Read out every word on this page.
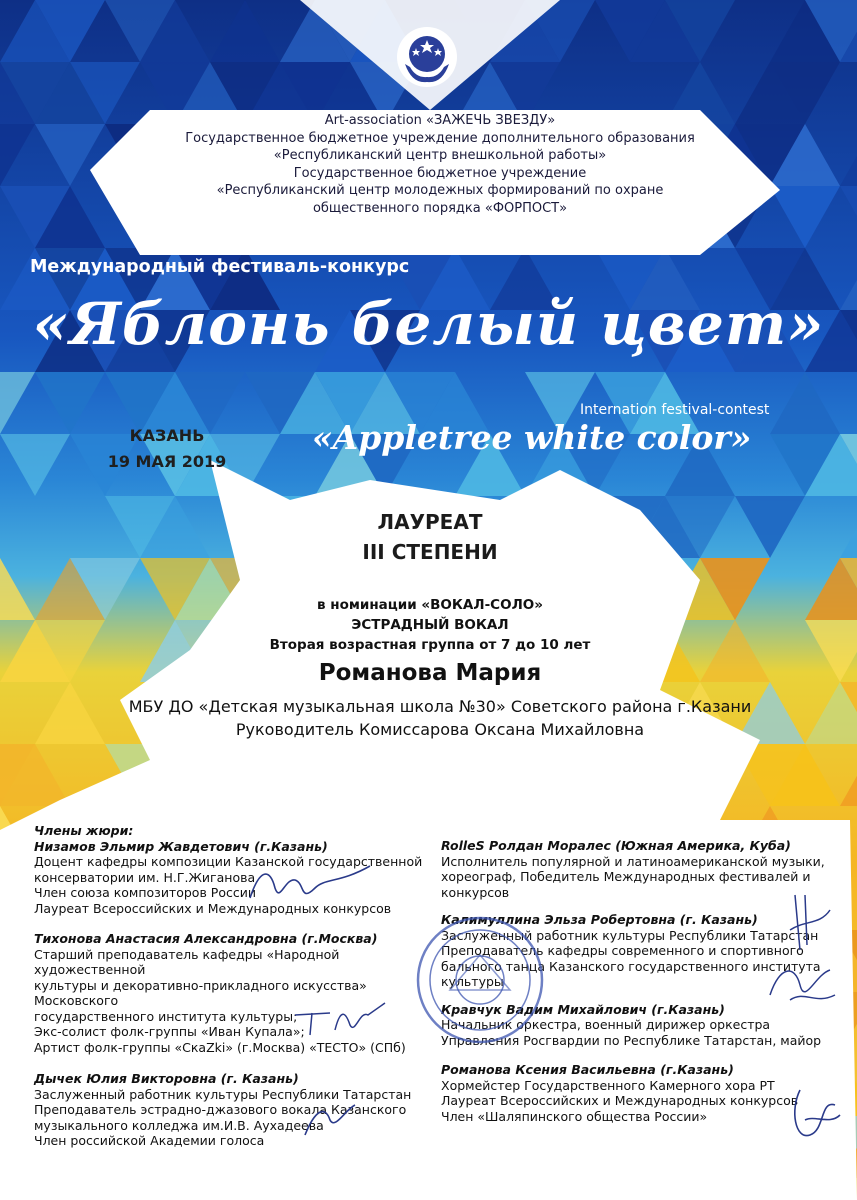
Art-association «ЗАЖЕЧЬ ЗВЕЗДУ»
Государственное бюджетное учреждение дополнительного образования
«Республиканский центр внешкольной работы»
Государственное бюджетное учреждение
«Республиканский центр молодежных формирований по охране
общественного порядка «ФОРПОСТ»
Международный фестиваль-конкурс
«Яблонь белый цвет»
Internation festival-contest
«Appletree white color»
КАЗАНЬ
19 МАЯ 2019
ЛАУРЕАТ
III СТЕПЕНИ
в номинации «ВОКАЛ-СОЛО»
ЭСТРАДНЫЙ ВОКАЛ
Вторая возрастная группа от 7 до 10 лет
Романова Мария
МБУ ДО «Детская музыкальная школа №30» Советского района г.Казани
Руководитель Комиссарова Оксана Михайловна
Члены жюри:
Низамов Эльмир Жавдетович (г.Казань)
Доцент кафедры композиции Казанской государственной
консерватории им. Н.Г.Жиганова
Член союза композиторов России
Лауреат Всероссийских и Международных конкурсов
Тихонова Анастасия Александровна (г.Москва)
Старший преподаватель кафедры «Народной художественной
культуры и декоративно-прикладного искусства» Московского
государственного института культуры;
Экс-солист фолк-группы «Иван Купала»;
Артист фолк-группы «СкаZki» (г.Москва) «ТЕСТО» (СПб)
Дычек Юлия Викторовна (г. Казань)
Заслуженный работник культуры Республики Татарстан
Преподаватель эстрадно-джазового вокала Казанского
музыкального колледжа им.И.В. Аухадеева
Член российской Академии голоса
RolleS Ролдан Моралес (Южная Америка, Куба)
Исполнитель популярной и латиноамериканской музыки,
хореограф, Победитель Международных фестивалей и
конкурсов
Калимуллина Эльза Робертовна (г. Казань)
Заслуженный работник культуры Республики Татарстан
Преподаватель кафедры современного и спортивного
бального танца Казанского государственного института
культуры
Кравчук Вадим Михайлович (г.Казань)
Начальник оркестра, военный дирижер оркестра
Управления Росгвардии по Республике Татарстан, майор
Романова Ксения Васильевна (г.Казань)
Хормейстер Государственного Камерного хора РТ
Лауреат Всероссийских и Международных конкурсов
Член «Шаляпинского общества России»
